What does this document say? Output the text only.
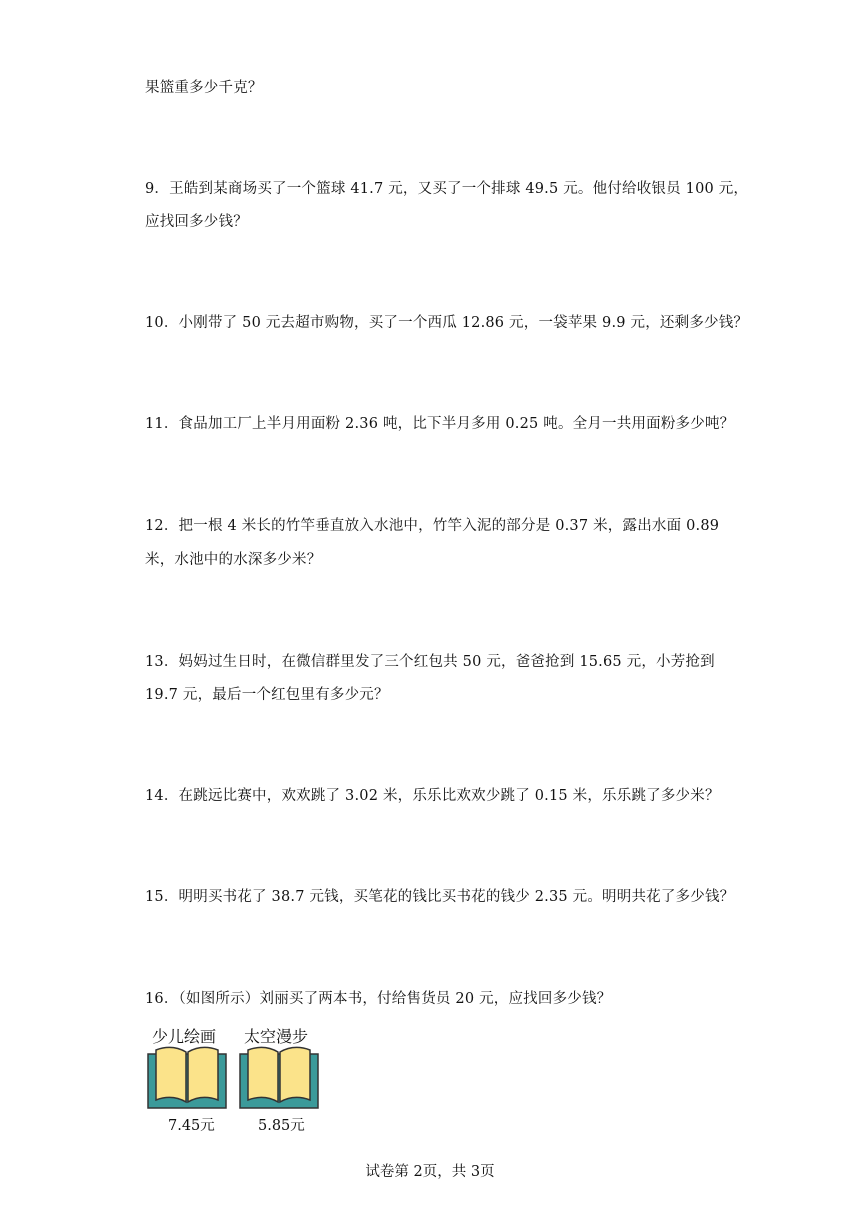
果篮重多少千克？
9．王皓到某商场买了一个篮球 41.7 元，又买了一个排球 49.5 元。他付给收银员 100 元，
应找回多少钱？
10．小刚带了 50 元去超市购物，买了一个西瓜 12.86 元，一袋苹果 9.9 元，还剩多少钱？
11．食品加工厂上半月用面粉 2.36 吨，比下半月多用 0.25 吨。全月一共用面粉多少吨？
12．把一根 4 米长的竹竿垂直放入水池中，竹竿入泥的部分是 0.37 米，露出水面 0.89
米，水池中的水深多少米？
13．妈妈过生日时，在微信群里发了三个红包共 50 元，爸爸抢到 15.65 元，小芳抢到
19.7 元，最后一个红包里有多少元？
14．在跳远比赛中，欢欢跳了 3.02 米，乐乐比欢欢少跳了 0.15 米，乐乐跳了多少米？
15．明明买书花了 38.7 元钱，买笔花的钱比买书花的钱少 2.35 元。明明共花了多少钱？
16．（如图所示）刘丽买了两本书，付给售货员 20 元，应找回多少钱？
少儿绘画
7.45元
太空漫步
5.85元
试卷第 2页，共 3页
